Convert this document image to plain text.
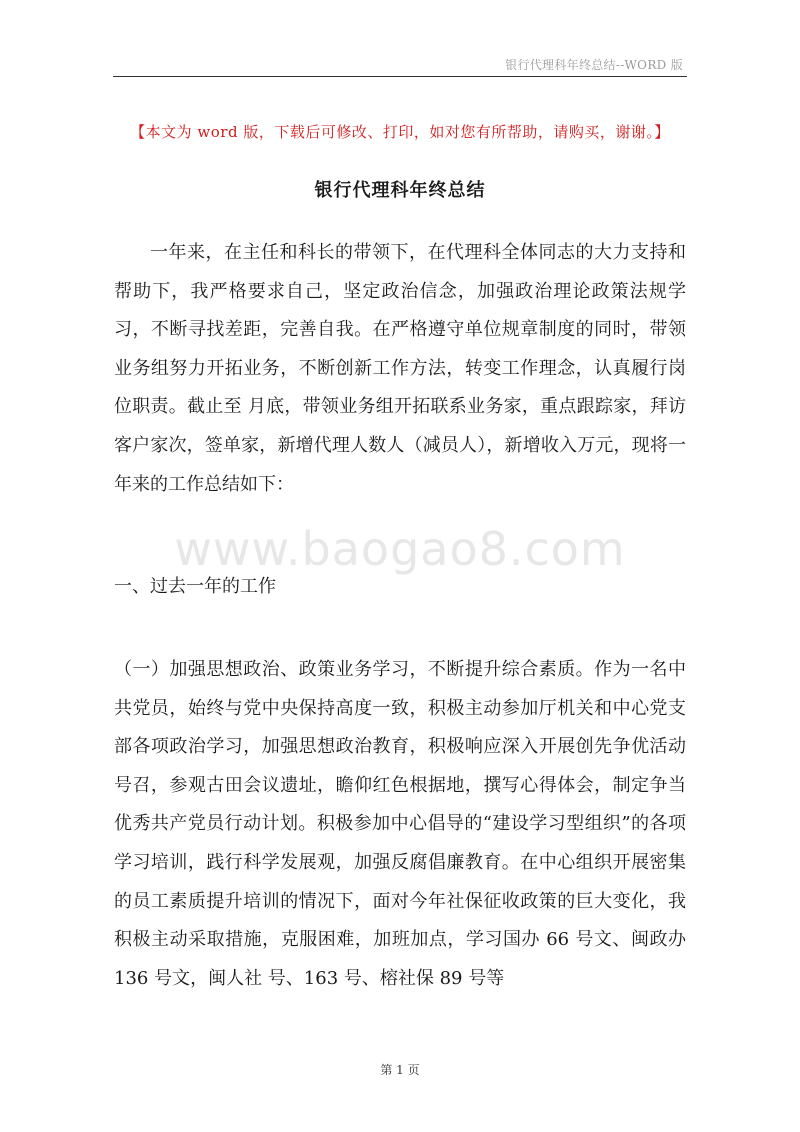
银行代理科年终总结--WORD 版
【本文为 word 版，下载后可修改、打印，如对您有所帮助，请购买，谢谢。】
银行代理科年终总结
一年来，在主任和科长的带领下，在代理科全体同志的大力支持和帮助下，我严格要求自己，坚定政治信念，加强政治理论政策法规学习，不断寻找差距，完善自我。在严格遵守单位规章制度的同时，带领业务组努力开拓业务，不断创新工作方法，转变工作理念，认真履行岗位职责。截止至 月底，带领业务组开拓联系业务家，重点跟踪家，拜访客户家次，签单家，新增代理人数人（减员人），新增收入万元，现将一年来的工作总结如下：
www.baogao8.com
一、过去一年的工作
（一）加强思想政治、政策业务学习，不断提升综合素质。作为一名中共党员，始终与党中央保持高度一致，积极主动参加厅机关和中心党支部各项政治学习，加强思想政治教育，积极响应深入开展创先争优活动号召，参观古田会议遗址，瞻仰红色根据地，撰写心得体会，制定争当优秀共产党员行动计划。积极参加中心倡导的“建设学习型组织”的各项学习培训，践行科学发展观，加强反腐倡廉教育。在中心组织开展密集的员工素质提升培训的情况下，面对今年社保征收政策的巨大变化，我积极主动采取措施，克服困难，加班加点，学习国办 66 号文、闽政办 136 号文，闽人社 号、163 号、榕社保 89 号等
第 1 页
